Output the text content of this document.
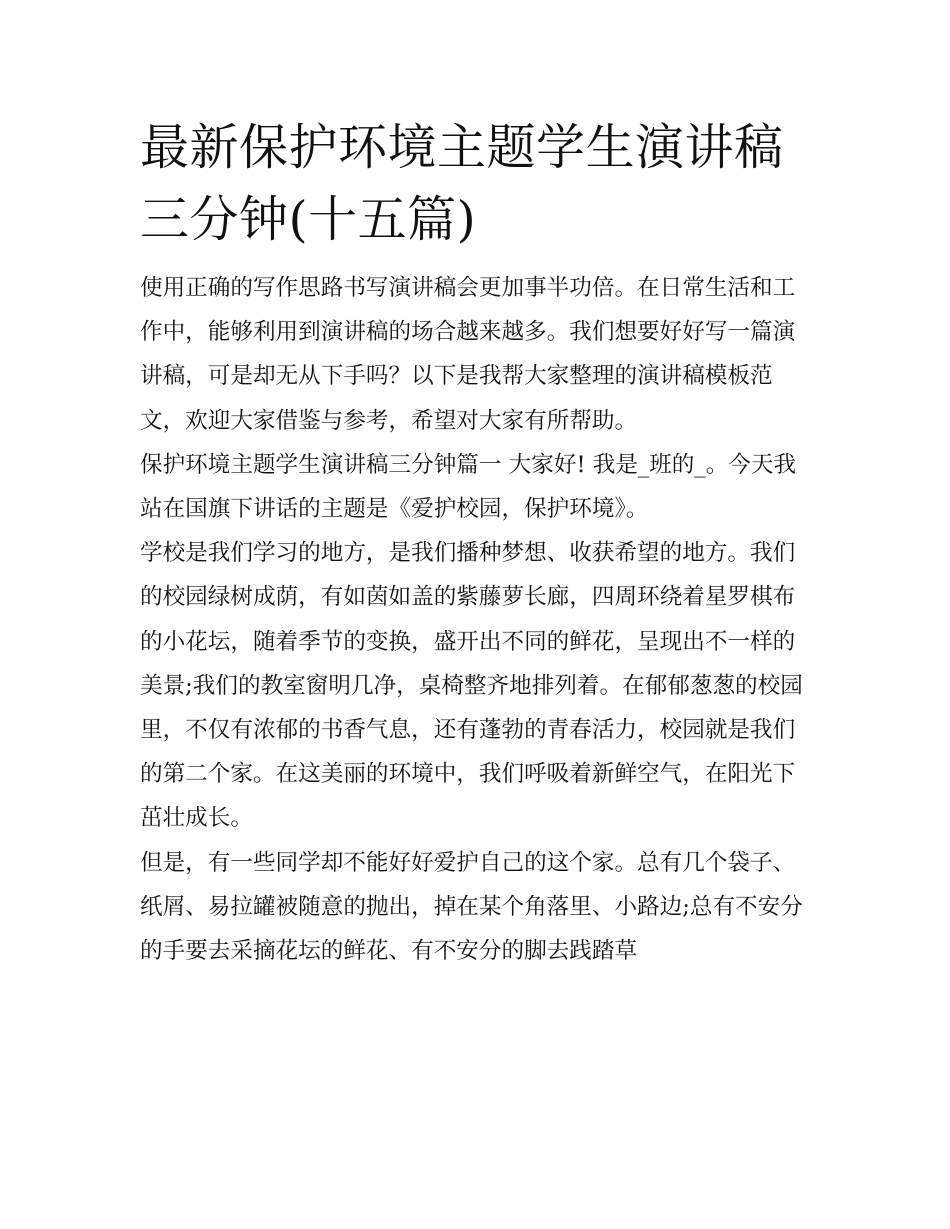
最新保护环境主题学生演讲稿三分钟(十五篇)

使用正确的写作思路书写演讲稿会更加事半功倍。在日常生活和工作中，能够利用到演讲稿的场合越来越多。我们想要好好写一篇演讲稿，可是却无从下手吗？以下是我帮大家整理的演讲稿模板范文，欢迎大家借鉴与参考，希望对大家有所帮助。

保护环境主题学生演讲稿三分钟篇一 大家好! 我是_班的_。今天我站在国旗下讲话的主题是《爱护校园，保护环境》。

学校是我们学习的地方，是我们播种梦想、收获希望的地方。我们的校园绿树成荫，有如茵如盖的紫藤萝长廊，四周环绕着星罗棋布的小花坛，随着季节的变换，盛开出不同的鲜花，呈现出不一样的美景;我们的教室窗明几净，桌椅整齐地排列着。在郁郁葱葱的校园里，不仅有浓郁的书香气息，还有蓬勃的青春活力，校园就是我们的第二个家。在这美丽的环境中，我们呼吸着新鲜空气，在阳光下茁壮成长。

但是，有一些同学却不能好好爱护自己的这个家。总有几个袋子、纸屑、易拉罐被随意的抛出，掉在某个角落里、小路边;总有不安分的手要去采摘花坛的鲜花、有不安分的脚去践踏草
